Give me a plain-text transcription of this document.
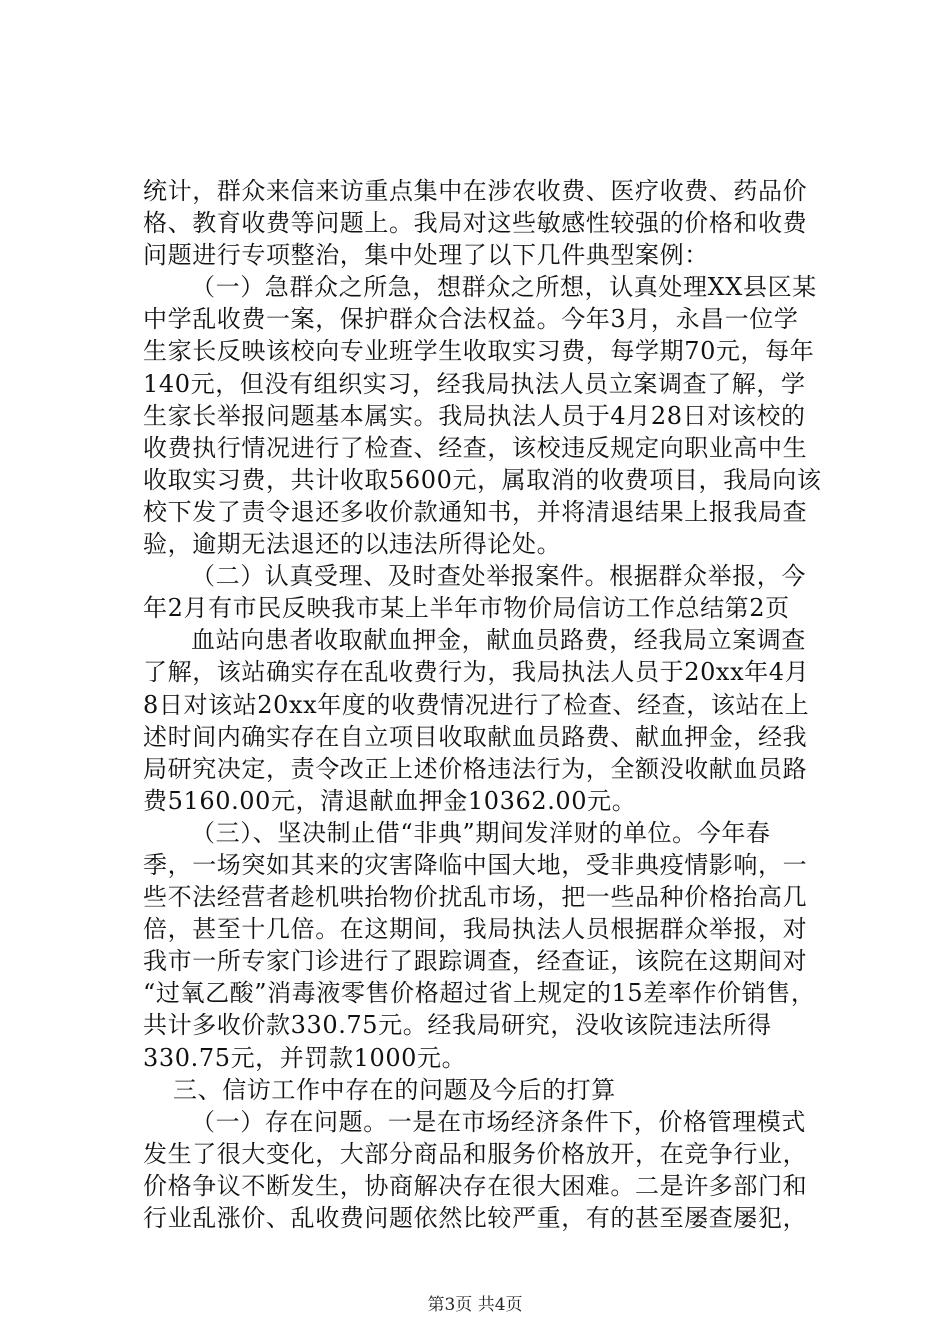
统计，群众来信来访重点集中在涉农收费、医疗收费、药品价
格、教育收费等问题上。我局对这些敏感性较强的价格和收费
问题进行专项整治，集中处理了以下几件典型案例：
（一）急群众之所急，想群众之所想，认真处理XX县区某
中学乱收费一案，保护群众合法权益。今年3月，永昌一位学
生家长反映该校向专业班学生收取实习费，每学期70元，每年
140元，但没有组织实习，经我局执法人员立案调查了解，学
生家长举报问题基本属实。我局执法人员于4月28日对该校的
收费执行情况进行了检查、经查，该校违反规定向职业高中生
收取实习费，共计收取5600元，属取消的收费项目，我局向该
校下发了责令退还多收价款通知书，并将清退结果上报我局查
验，逾期无法退还的以违法所得论处。
（二）认真受理、及时查处举报案件。根据群众举报，今
年2月有市民反映我市某上半年市物价局信访工作总结第2页
血站向患者收取献血押金，献血员路费，经我局立案调查
了解，该站确实存在乱收费行为，我局执法人员于20xx年4月
8日对该站20xx年度的收费情况进行了检查、经查，该站在上
述时间内确实存在自立项目收取献血员路费、献血押金，经我
局研究决定，责令改正上述价格违法行为，全额没收献血员路
费5160.00元，清退献血押金10362.00元。
（三）、坚决制止借“非典”期间发洋财的单位。今年春
季，一场突如其来的灾害降临中国大地，受非典疫情影响，一
些不法经营者趁机哄抬物价扰乱市场，把一些品种价格抬高几
倍，甚至十几倍。在这期间，我局执法人员根据群众举报，对
我市一所专家门诊进行了跟踪调查，经查证，该院在这期间对
“过氧乙酸”消毒液零售价格超过省上规定的15差率作价销售，
共计多收价款330.75元。经我局研究，没收该院违法所得
330.75元，并罚款1000元。
三、信访工作中存在的问题及今后的打算
（一）存在问题。一是在市场经济条件下，价格管理模式
发生了很大变化，大部分商品和服务价格放开，在竞争行业，
价格争议不断发生，协商解决存在很大困难。二是许多部门和
行业乱涨价、乱收费问题依然比较严重，有的甚至屡查屡犯，
第3页 共4页
